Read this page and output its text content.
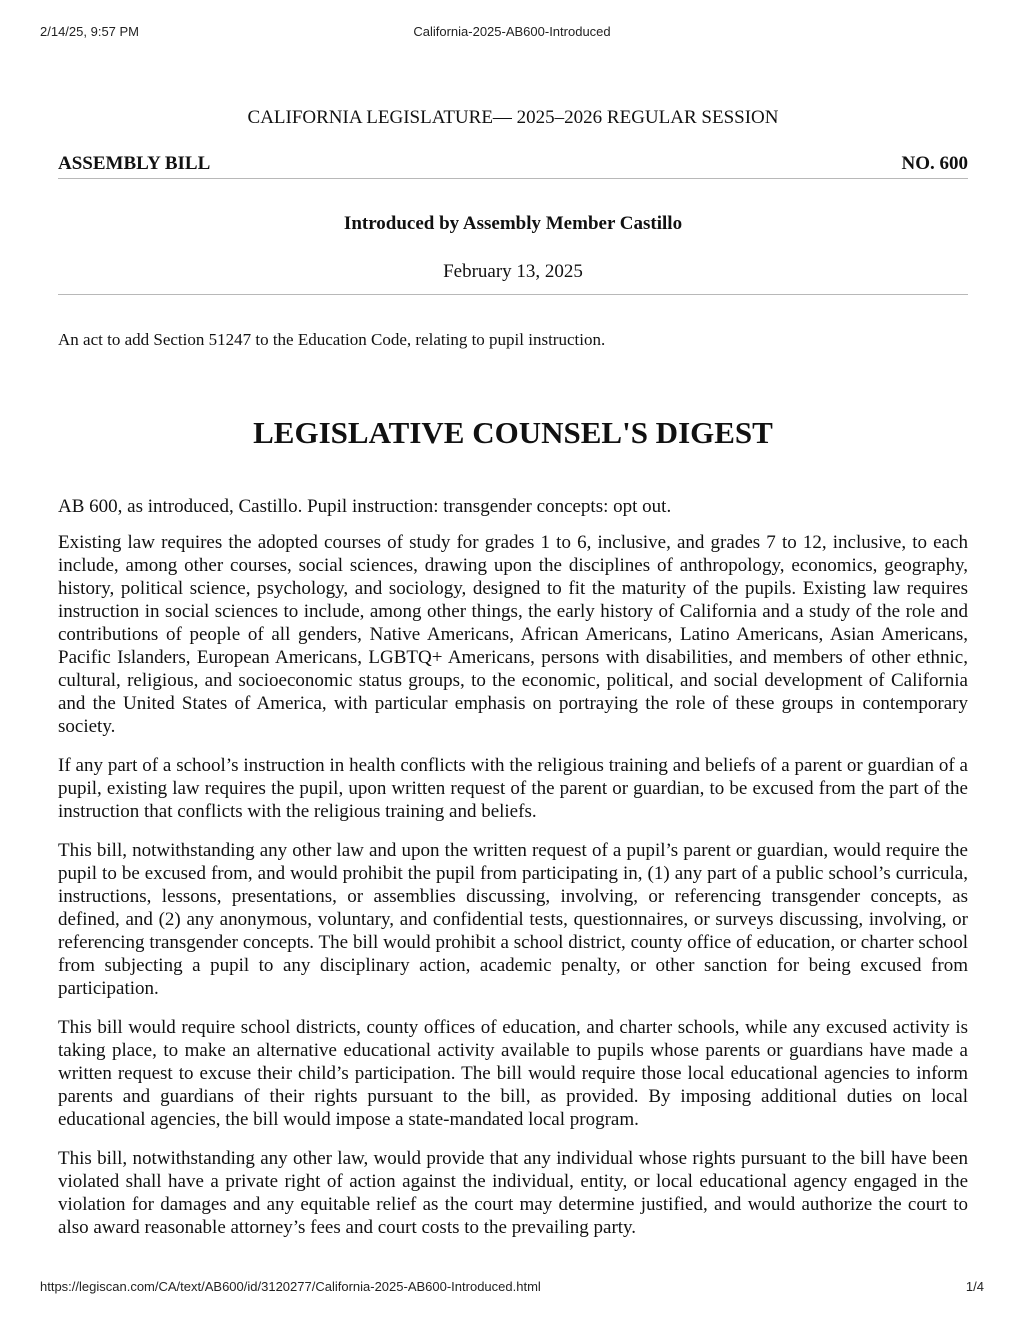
2/14/25, 9:57 PM	California-2025-AB600-Introduced
CALIFORNIA LEGISLATURE— 2025–2026 REGULAR SESSION
ASSEMBLY BILL	NO. 600
Introduced by Assembly Member Castillo
February 13, 2025
An act to add Section 51247 to the Education Code, relating to pupil instruction.
LEGISLATIVE COUNSEL'S DIGEST
AB 600, as introduced, Castillo. Pupil instruction: transgender concepts: opt out.

Existing law requires the adopted courses of study for grades 1 to 6, inclusive, and grades 7 to 12, inclusive, to each include, among other courses, social sciences, drawing upon the disciplines of anthropology, economics, geography, history, political science, psychology, and sociology, designed to fit the maturity of the pupils. Existing law requires instruction in social sciences to include, among other things, the early history of California and a study of the role and contributions of people of all genders, Native Americans, African Americans, Latino Americans, Asian Americans, Pacific Islanders, European Americans, LGBTQ+ Americans, persons with disabilities, and members of other ethnic, cultural, religious, and socioeconomic status groups, to the economic, political, and social development of California and the United States of America, with particular emphasis on portraying the role of these groups in contemporary society.

If any part of a school’s instruction in health conflicts with the religious training and beliefs of a parent or guardian of a pupil, existing law requires the pupil, upon written request of the parent or guardian, to be excused from the part of the instruction that conflicts with the religious training and beliefs.

This bill, notwithstanding any other law and upon the written request of a pupil’s parent or guardian, would require the pupil to be excused from, and would prohibit the pupil from participating in, (1) any part of a public school’s curricula, instructions, lessons, presentations, or assemblies discussing, involving, or referencing transgender concepts, as defined, and (2) any anonymous, voluntary, and confidential tests, questionnaires, or surveys discussing, involving, or referencing transgender concepts. The bill would prohibit a school district, county office of education, or charter school from subjecting a pupil to any disciplinary action, academic penalty, or other sanction for being excused from participation.

This bill would require school districts, county offices of education, and charter schools, while any excused activity is taking place, to make an alternative educational activity available to pupils whose parents or guardians have made a written request to excuse their child’s participation. The bill would require those local educational agencies to inform parents and guardians of their rights pursuant to the bill, as provided. By imposing additional duties on local educational agencies, the bill would impose a state-mandated local program.

This bill, notwithstanding any other law, would provide that any individual whose rights pursuant to the bill have been violated shall have a private right of action against the individual, entity, or local educational agency engaged in the violation for damages and any equitable relief as the court may determine justified, and would authorize the court to also award reasonable attorney’s fees and court costs to the prevailing party.

https://legiscan.com/CA/text/AB600/id/3120277/California-2025-AB600-Introduced.html	1/4
